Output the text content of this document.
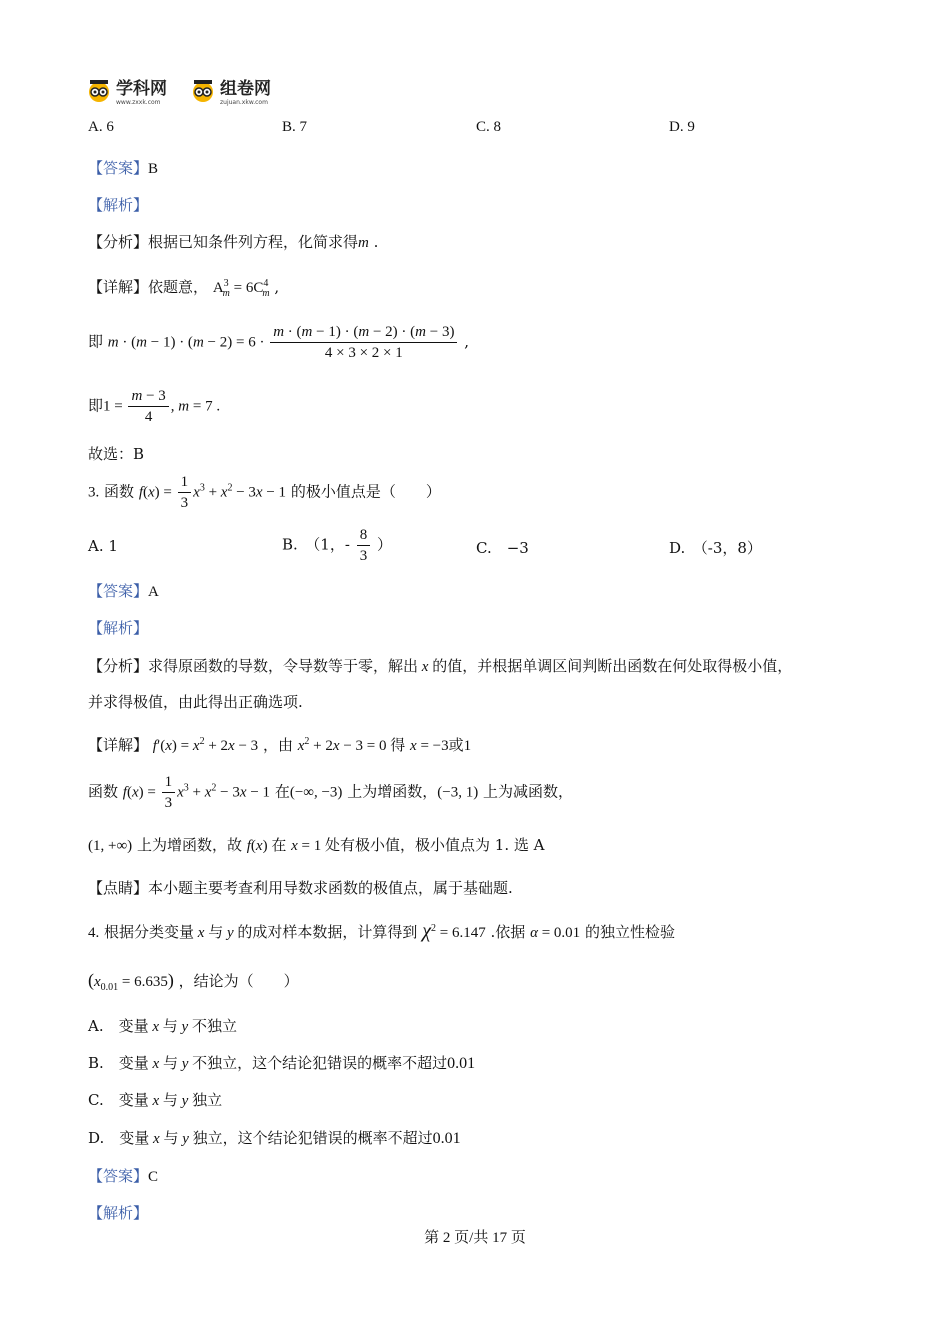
学科网
www.zxxk.com
组卷网
zujuan.xkw.com
A. 6	B. 7	C. 8	D. 9
【答案】B
【解析】
【分析】根据已知条件列方程，化简求得m .
【详解】依题意， $A^3_m = 6C^4_m$ ,
即 $m \cdot (m - 1) \cdot (m - 2) = 6 \cdot \frac{m \cdot (m - 1) \cdot (m - 2) \cdot (m - 3)}{4 \times 3 \times 2 \times 1}$ ,
即$1 = \frac{m - 3}{4}$ , m = 7 .
故选：B
3. 函数 $f(x) = \frac{1}{3} x^3 + x^2 - 3x - 1$ 的极小值点是（　　）
A. 1	B.　（1，- $\frac{8}{3}$ ）	C.　−3	D.　（-3，8）
【答案】A
【解析】
【分析】求得原函数的导数，令导数等于零，解出 x 的值，并根据单调区间判断出函数在何处取得极小值，
并求得极值，由此得出正确选项.
【详解】 $f'(x) = x^2 + 2x - 3$ ，由 $x^2 + 2x - 3 = 0$ 得 x = −3或1
函数 $f(x) = \frac{1}{3} x^3 + x^2 - 3x - 1$ 在(−∞, −3) 上为增函数，(−3, 1) 上为减函数，
(1, +∞) 上为增函数，故 f(x) 在 x = 1 处有极小值，极小值点为 1. 选 A
【点睛】本小题主要考查利用导数求函数的极值点，属于基础题.
4. 根据分类变量 x 与 y 的成对样本数据，计算得到 $\chi^2 = 6.147$ .依据 α = 0.01 的独立性检验
$(x_{0.01} = 6.635)$ ，结论为（　　）
A.　变量 x 与 y 不独立
B.　变量 x 与 y 不独立，这个结论犯错误的概率不超过0.01
C.　变量 x 与 y 独立
D.　变量 x 与 y 独立，这个结论犯错误的概率不超过0.01
【答案】C
【解析】
第 2 页/共 17 页
